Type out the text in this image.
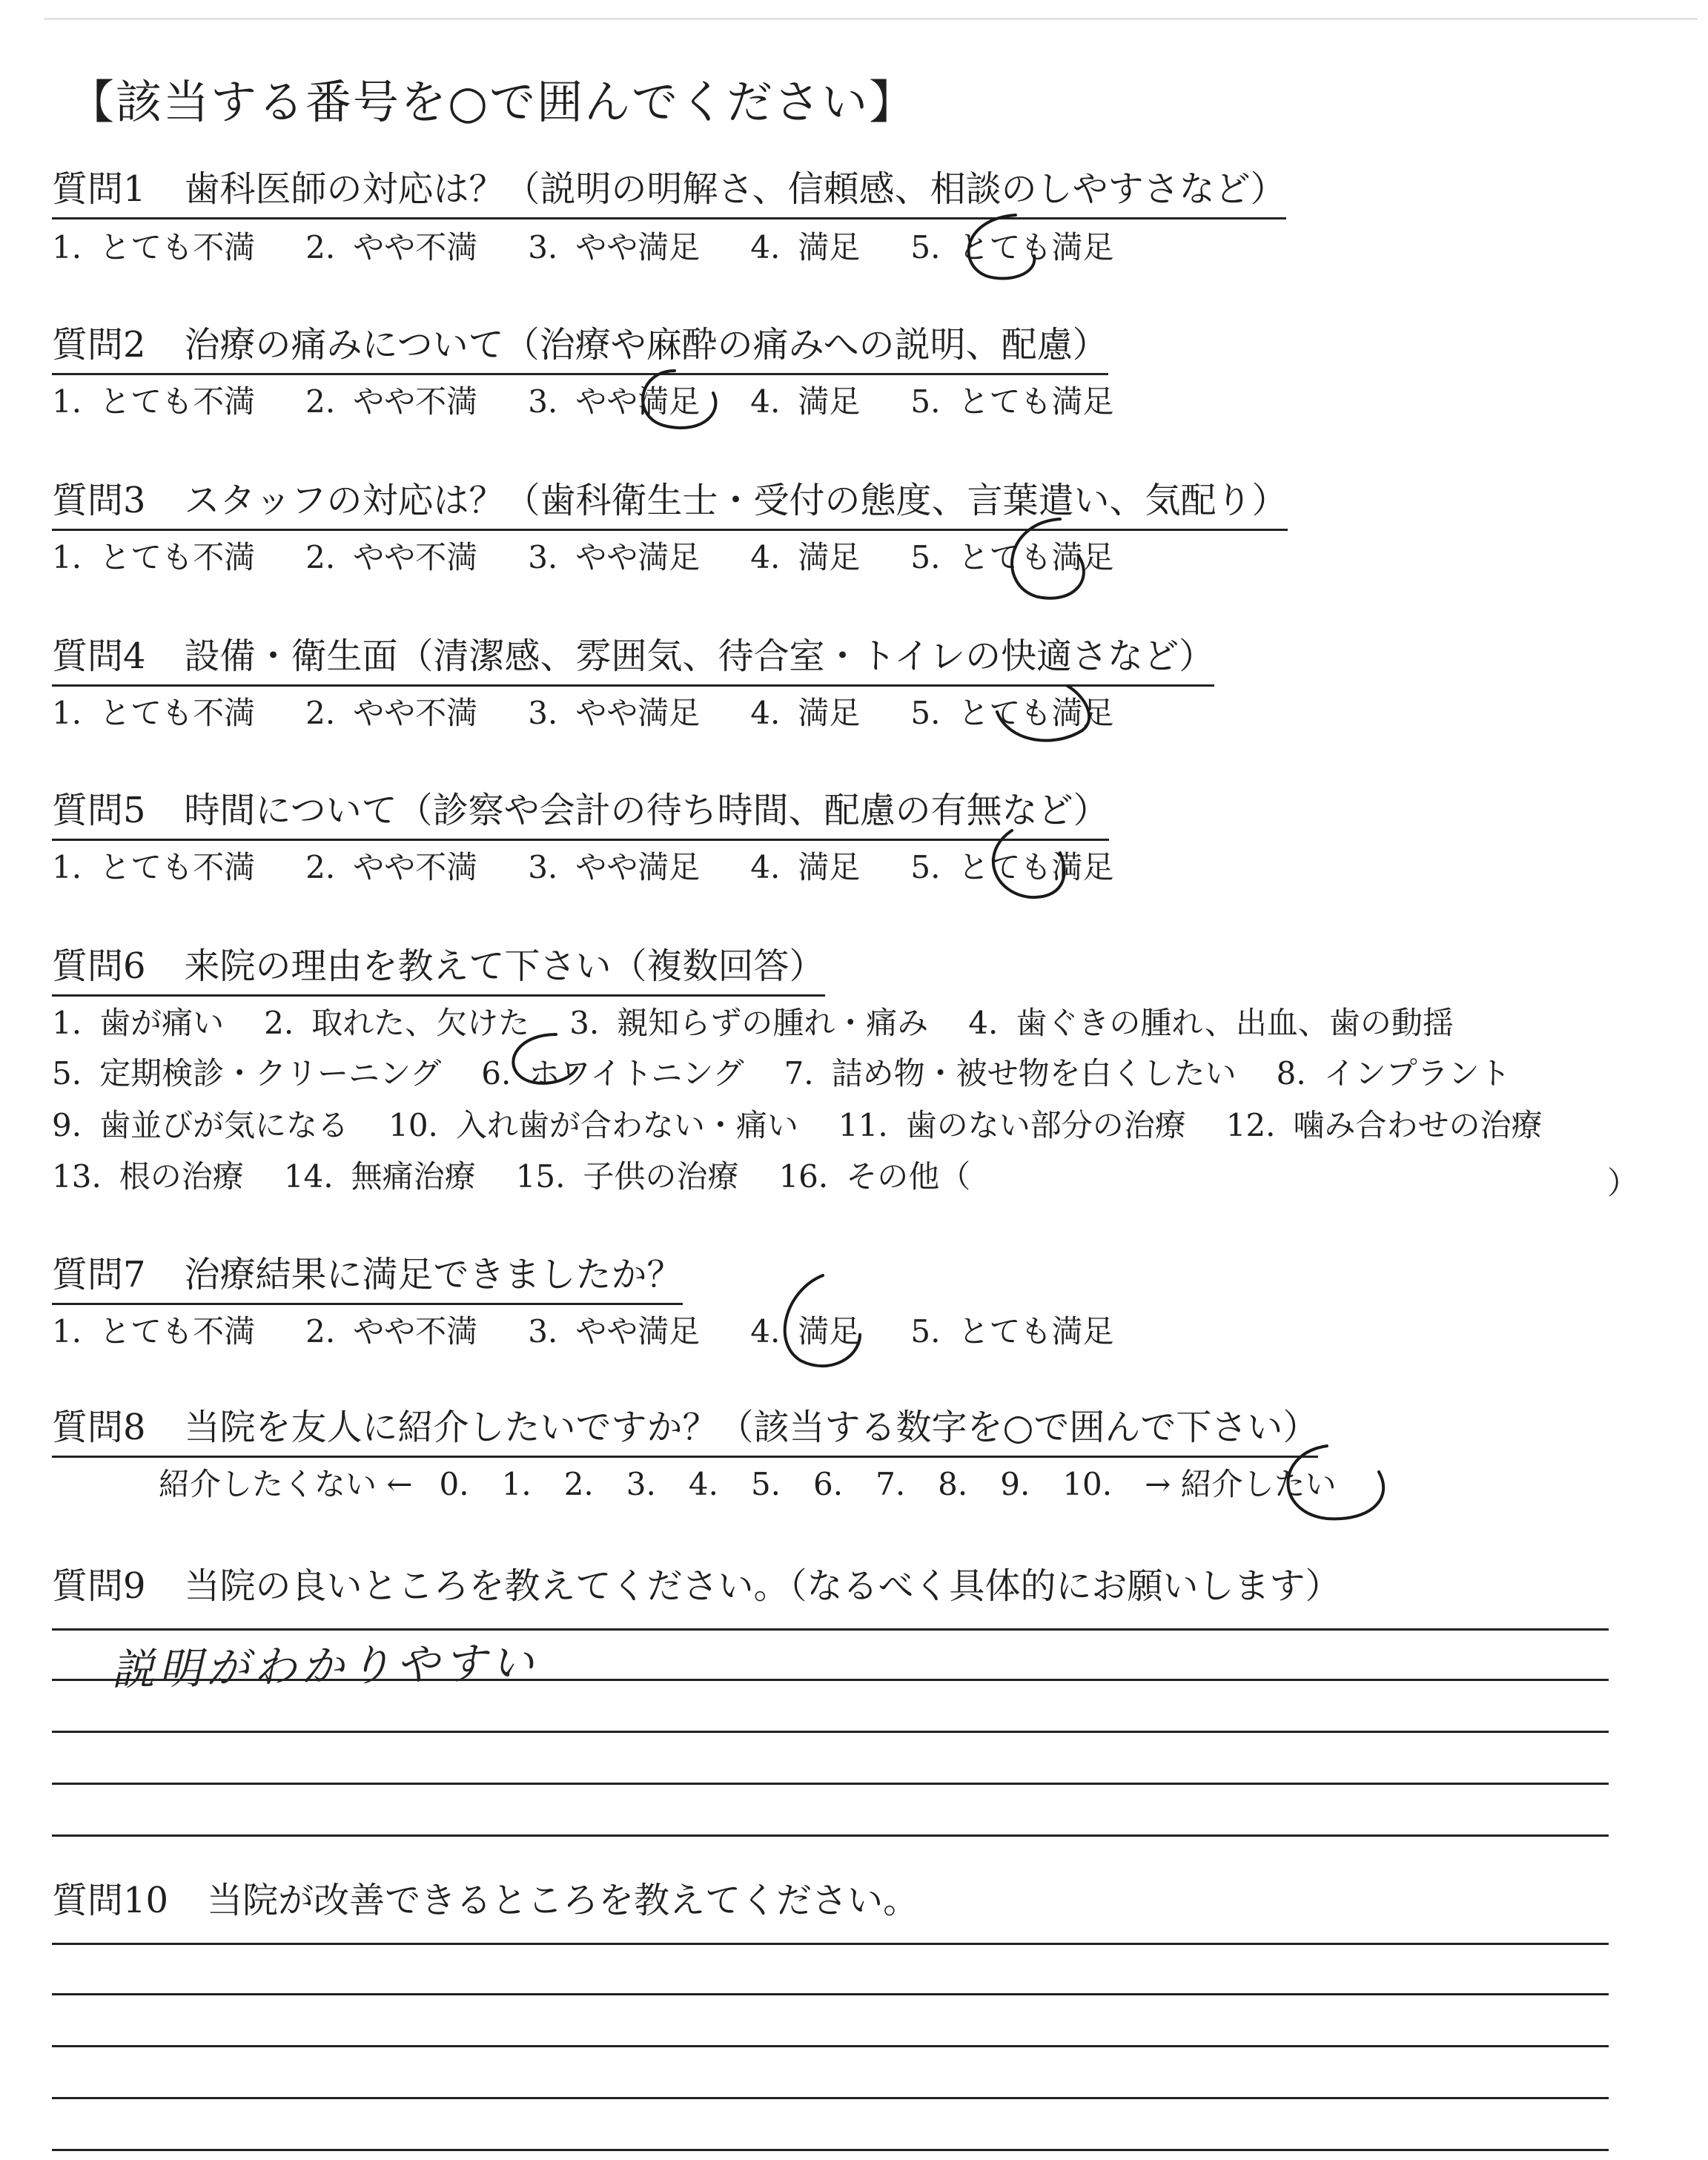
【該当する番号を○で囲んでください】
質問1 歯科医師の対応は？（説明の明解さ、信頼感、相談のしやすさなど）
1. とても不満 2. やや不満 3. やや満足 4. 満足 5. とても満足
質問2 治療の痛みについて（治療や麻酔の痛みへの説明、配慮）
1. とても不満 2. やや不満 3. やや満足 4. 満足 5. とても満足
質問3 スタッフの対応は？（歯科衛生士・受付の態度、言葉遣い、気配り）
1. とても不満 2. やや不満 3. やや満足 4. 満足 5. とても満足
質問4 設備・衛生面（清潔感、雰囲気、待合室・トイレの快適さなど）
1. とても不満 2. やや不満 3. やや満足 4. 満足 5. とても満足
質問5 時間について（診察や会計の待ち時間、配慮の有無など）
1. とても不満 2. やや不満 3. やや満足 4. 満足 5. とても満足
質問6 来院の理由を教えて下さい（複数回答）
1. 歯が痛い 2. 取れた、欠けた 3. 親知らずの腫れ・痛み 4. 歯ぐきの腫れ、出血、歯の動揺
5. 定期検診・クリーニング 6. ホワイトニング 7. 詰め物・被せ物を白くしたい 8. インプラント
9. 歯並びが気になる 10. 入れ歯が合わない・痛い 11. 歯のない部分の治療 12. 噛み合わせの治療
13. 根の治療 14. 無痛治療 15. 子供の治療 16. その他（	）
質問7 治療結果に満足できましたか？
1. とても不満 2. やや不満 3. やや満足 4. 満足 5. とても満足
質問8 当院を友人に紹介したいですか？（該当する数字を○で囲んで下さい）
紹介したくない ← 0. 1. 2. 3. 4. 5. 6. 7. 8. 9. 10. → 紹介したい
質問9 当院の良いところを教えてください。（なるべく具体的にお願いします）
説明がわかりやすい
質問10 当院が改善できるところを教えてください。
